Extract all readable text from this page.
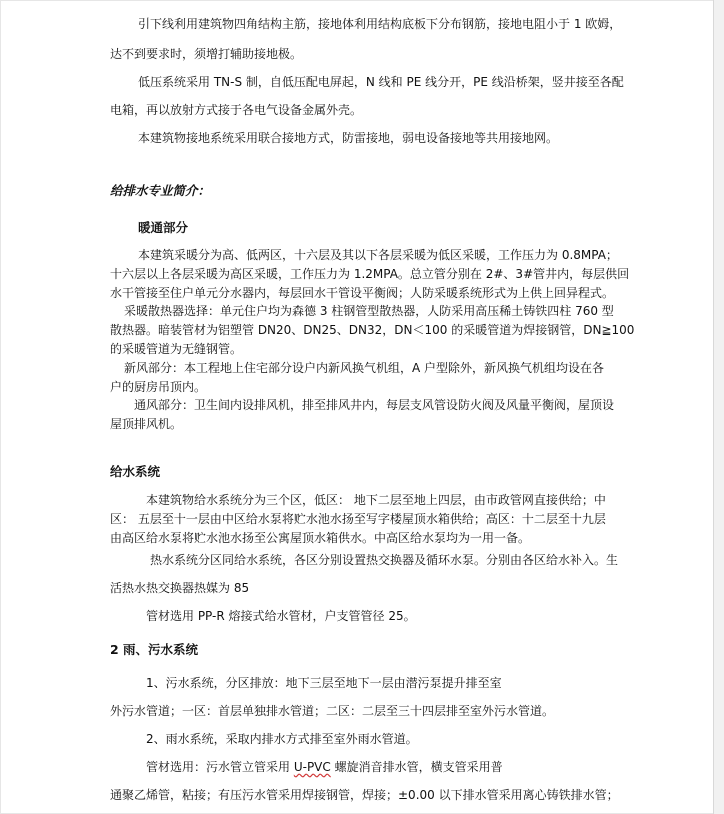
引下线利用建筑物四角结构主筋，接地体利用结构底板下分布钢筋，接地电阻小于 1 欧姆，
达不到要求时，须增打辅助接地极。
低压系统采用 TN-S 制，自低压配电屏起，N 线和 PE 线分开，PE 线沿桥架，竖井接至各配
电箱，再以放射方式接于各电气设备金属外壳。
本建筑物接地系统采用联合接地方式，防雷接地，弱电设备接地等共用接地网。
给排水专业简介：
暖通部分
本建筑采暖分为高、低两区，十六层及其以下各层采暖为低区采暖，工作压力为 0.8MPA；
十六层以上各层采暖为高区采暖，工作压力为 1.2MPA。总立管分别在 2#、3#管井内，每层供回
水干管接至住户单元分水器内，每层回水干管设平衡阀；人防采暖系统形式为上供上回异程式。
采暖散热器选择：单元住户均为森德 3 柱钢管型散热器，人防采用高压稀土铸铁四柱 760 型
散热器。暗装管材为铝塑管 DN20、DN25、DN32，DN＜100 的采暖管道为焊接钢管，DN≧100
的采暖管道为无缝钢管。
新风部分：本工程地上住宅部分设户内新风换气机组，A 户型除外，新风换气机组均设在各
户的厨房吊顶内。
通风部分：卫生间内设排风机，排至排风井内，每层支风管设防火阀及风量平衡阀，屋顶设
屋顶排风机。
给水系统
本建筑物给水系统分为三个区，低区： 地下二层至地上四层，由市政管网直接供给；中
区： 五层至十一层由中区给水泵将贮水池水扬至写字楼屋顶水箱供给；高区：十二层至十九层
由高区给水泵将贮水池水扬至公寓屋顶水箱供水。中高区给水泵均为一用一备。
热水系统分区同给水系统，各区分别设置热交换器及循环水泵。分别由各区给水补入。生
活热水热交换器热媒为 85
管材选用 PP-R 熔接式给水管材，户支管管径 25。
2 雨、污水系统
1、污水系统，分区排放：地下三层至地下一层由潜污泵提升排至室
外污水管道；一区：首层单独排水管道；二区：二层至三十四层排至室外污水管道。
2、雨水系统，采取内排水方式排至室外雨水管道。
管材选用：污水管立管采用 U-PVC 螺旋消音排水管，横支管采用普
通聚乙烯管，粘接；有压污水管采用焊接钢管，焊接；±0.00 以下排水管采用离心铸铁排水管；
